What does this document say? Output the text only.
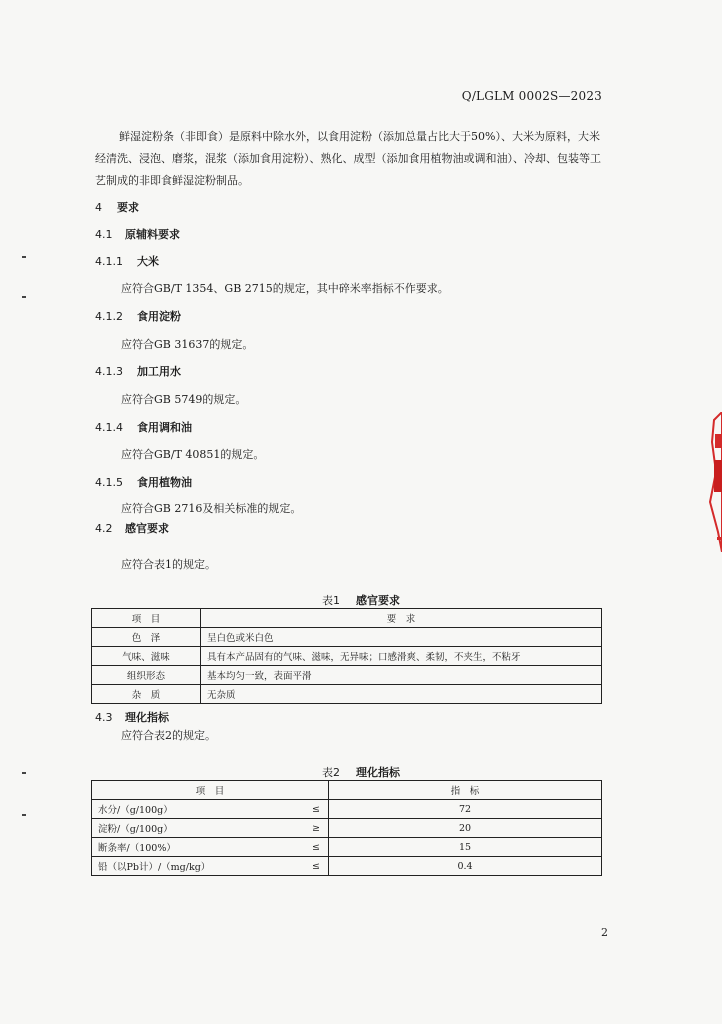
Q/LGLM 0002S—2023
鲜湿淀粉条（非即食）是原料中除水外，以食用淀粉（添加总量占比大于50%）、大米为原料，大米经清洗、浸泡、磨浆，混浆（添加食用淀粉）、熟化、成型（添加食用植物油或调和油）、冷却、包装等工艺制成的非即食鲜湿淀粉制品。
4 要求
4.1 原辅料要求
4.1.1 大米
应符合GB/T 1354、GB 2715的规定，其中碎米率指标不作要求。
4.1.2 食用淀粉
应符合GB 31637的规定。
4.1.3 加工用水
应符合GB 5749的规定。
4.1.4 食用调和油
应符合GB/T 40851的规定。
4.1.5 食用植物油
应符合GB 2716及相关标准的规定。
4.2 感官要求
应符合表1的规定。
表1 感官要求
项　目	要　求
色　泽	呈白色或米白色
气味、滋味	具有本产品固有的气味、滋味，无异味；口感滑爽、柔韧，不夹生，不粘牙
组织形态	基本均匀一致，表面平滑
杂　质	无杂质
4.3 理化指标
应符合表2的规定。
表2 理化指标
项　目		指　标
水分/（g/100g）	≤	72
淀粉/（g/100g）	≥	20
断条率/（100%）	≤	15
铅（以Pb计）/（mg/kg）	≤	0.4
2
